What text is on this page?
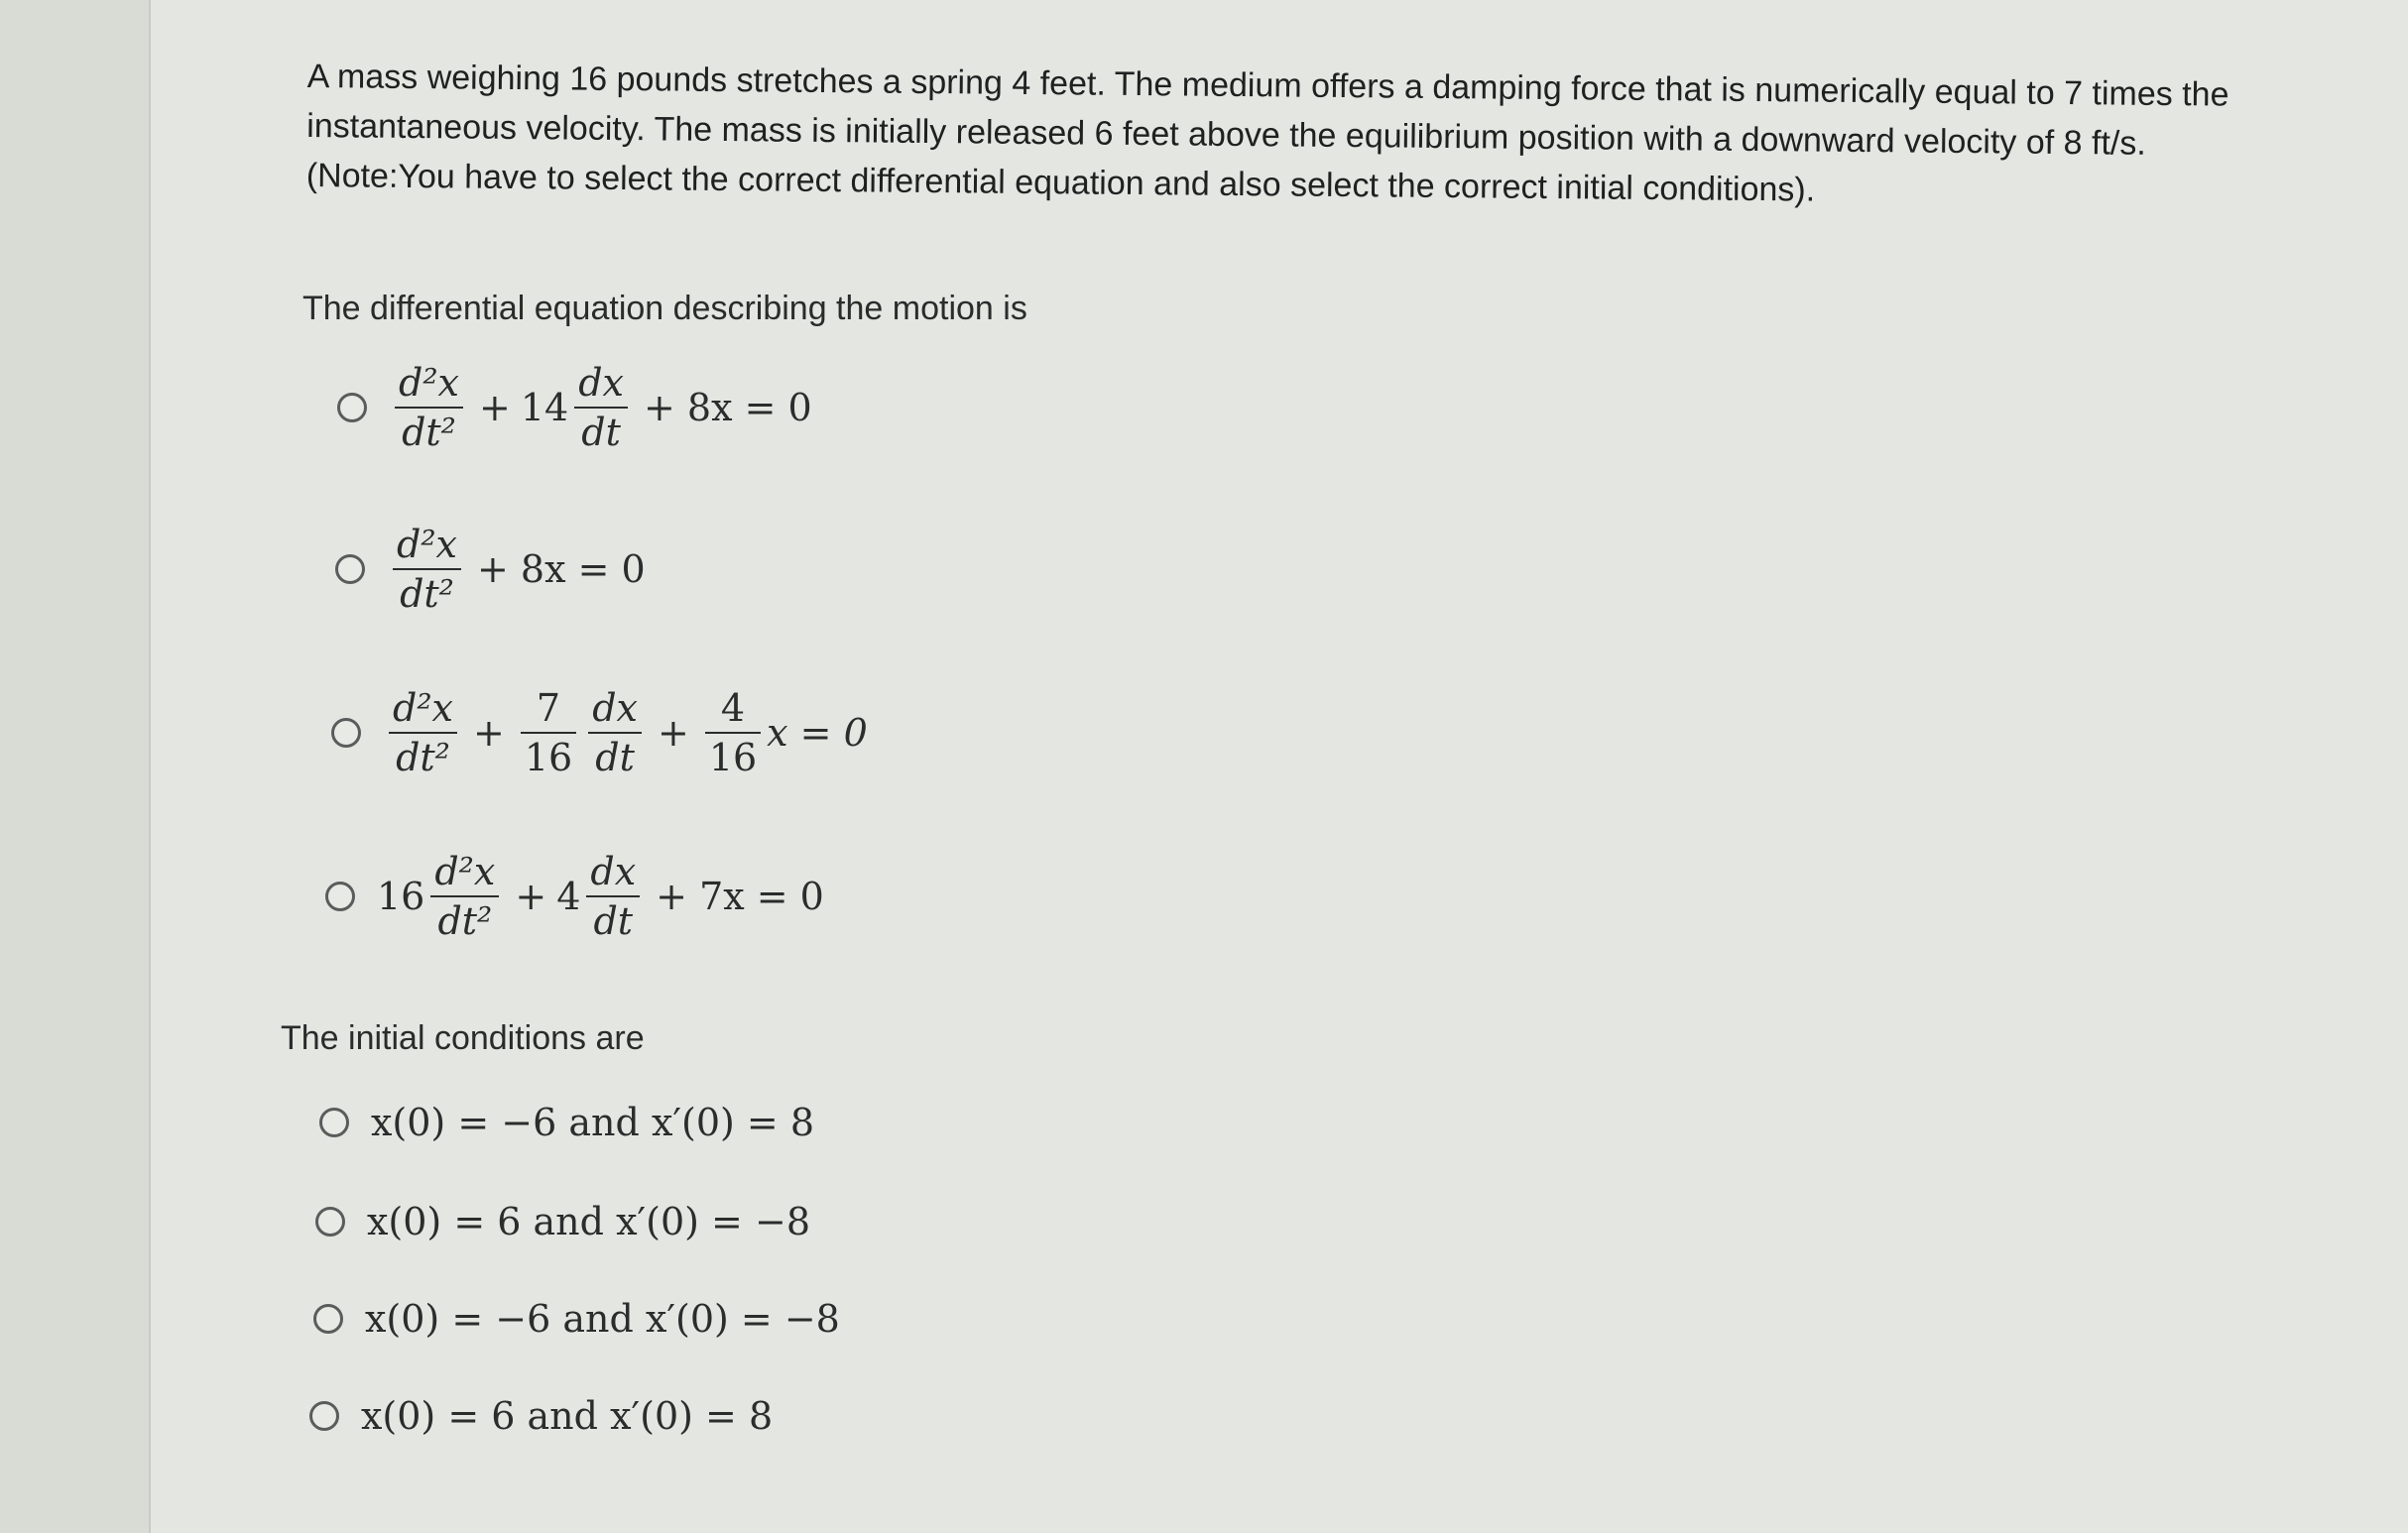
A mass weighing 16 pounds stretches a spring 4 feet. The medium offers a damping force that is numerically equal to 7 times the

instantaneous velocity. The mass is initially released 6 feet above the equilibrium position with a downward velocity of 8 ft/s.

(Note:You have to select the correct differential equation and also select the correct initial conditions).

The differential equation describing the motion is
$\frac{\text{d²x}}{\text{dt²}} + 14 \frac{dx}{dt} + 8x = 0$
$\frac{\text{d²x}}{\text{dt²}} + 8x = 0$
$\frac{\text{d²x}}{\text{dt²}} + \frac{7}{16} \frac{dx}{dt} + \frac{4}{16}$ x = 0
$16 \frac{\text{d²x}}{\text{dt²}} + 4 \frac{dx}{dt} + 7x = 0$
The initial conditions are
x(0) = −6 and x′(0) = 8
x(0) = 6 and x′(0) = −8
x(0) = −6 and x′(0) = −8
x(0) = 6 and x′(0) = 8
